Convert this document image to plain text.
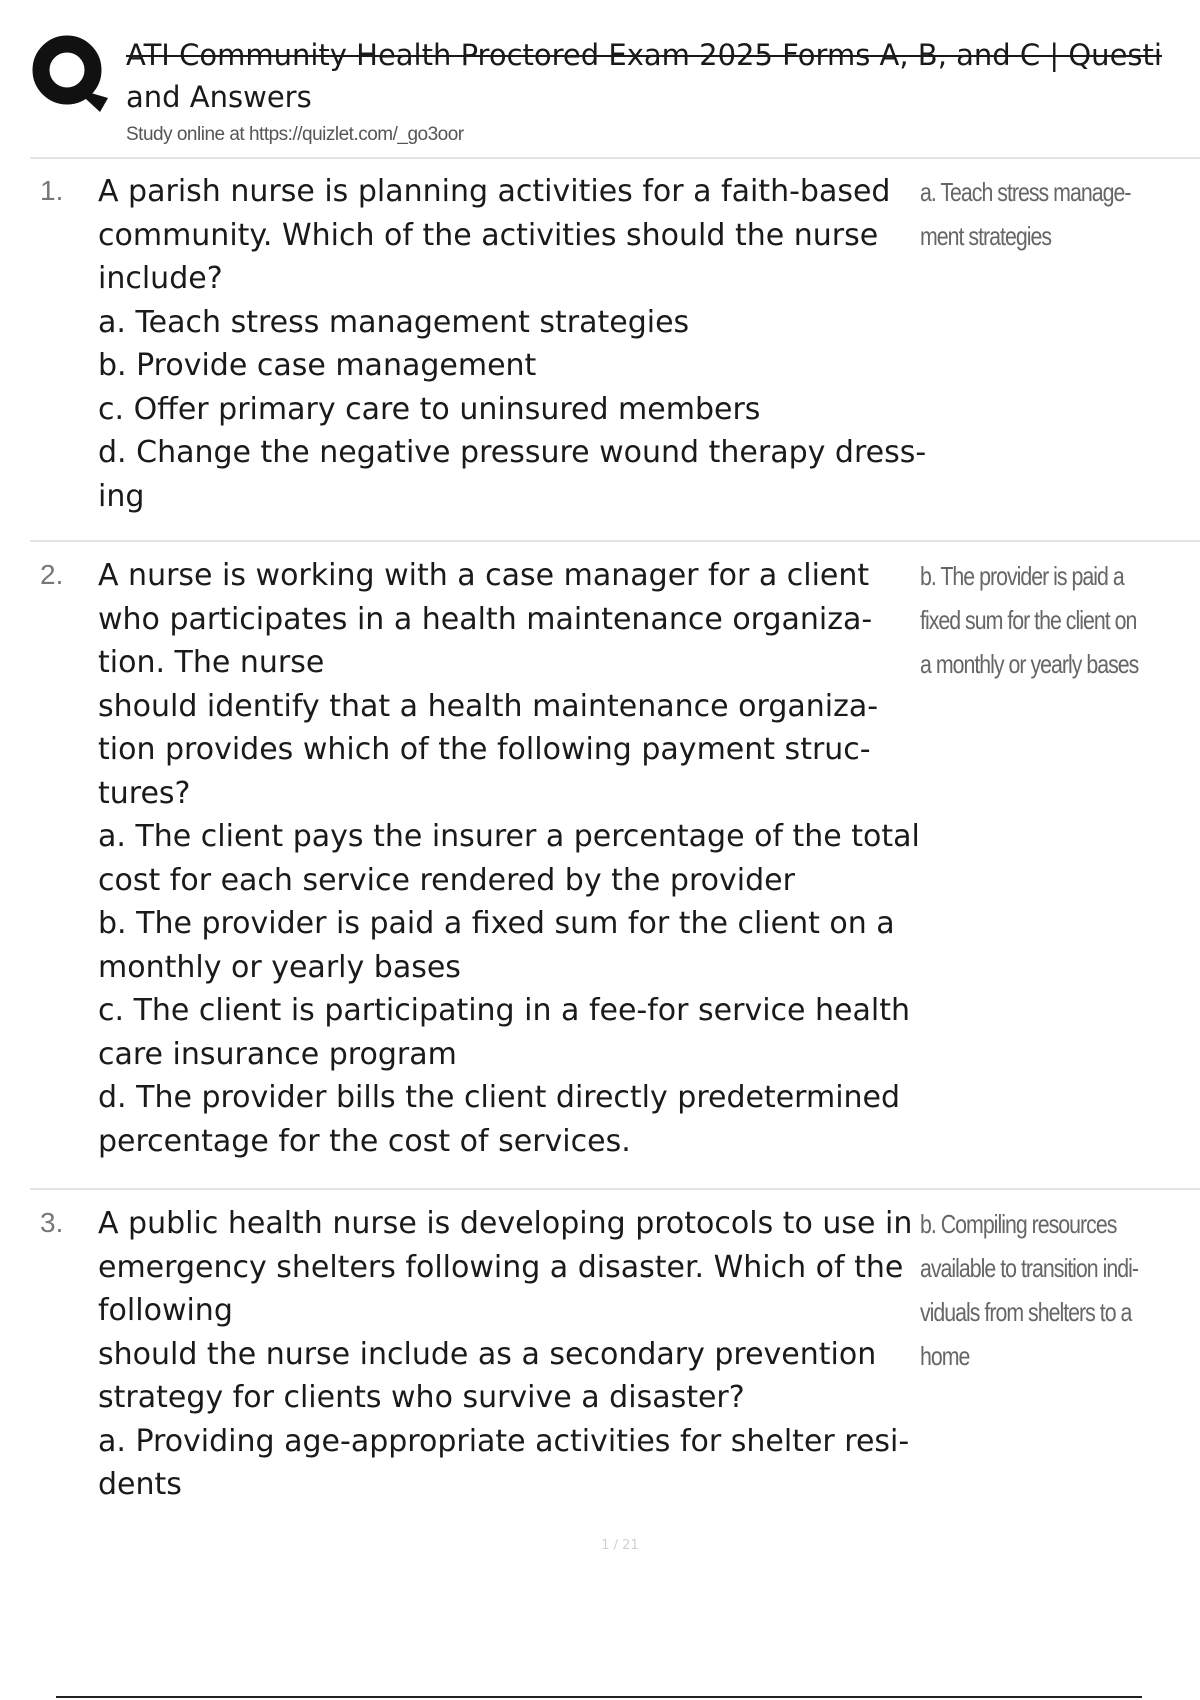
ATI Community Health Proctored Exam 2025 Forms A, B, and C | Questi
and Answers
Study online at https://quizlet.com/_go3oor
1. A parish nurse is planning activities for a faith-based
community. Which of the activities should the nurse
include?
a. Teach stress management strategies
b. Provide case management
c. Offer primary care to uninsured members
d. Change the negative pressure wound therapy dress-
ing
a. Teach stress manage-
ment strategies
2. A nurse is working with a case manager for a client
who participates in a health maintenance organiza-
tion. The nurse
should identify that a health maintenance organiza-
tion provides which of the following payment struc-
tures?
a. The client pays the insurer a percentage of the total
cost for each service rendered by the provider
b. The provider is paid a fixed sum for the client on a
monthly or yearly bases
c. The client is participating in a fee-for service health
care insurance program
d. The provider bills the client directly predetermined
percentage for the cost of services.
b. The provider is paid a
fixed sum for the client on
a monthly or yearly bases
3. A public health nurse is developing protocols to use in
emergency shelters following a disaster. Which of the
following
should the nurse include as a secondary prevention
strategy for clients who survive a disaster?
a. Providing age-appropriate activities for shelter resi-
dents
b. Compiling resources
available to transition indi-
viduals from shelters to a
home
1 / 21
